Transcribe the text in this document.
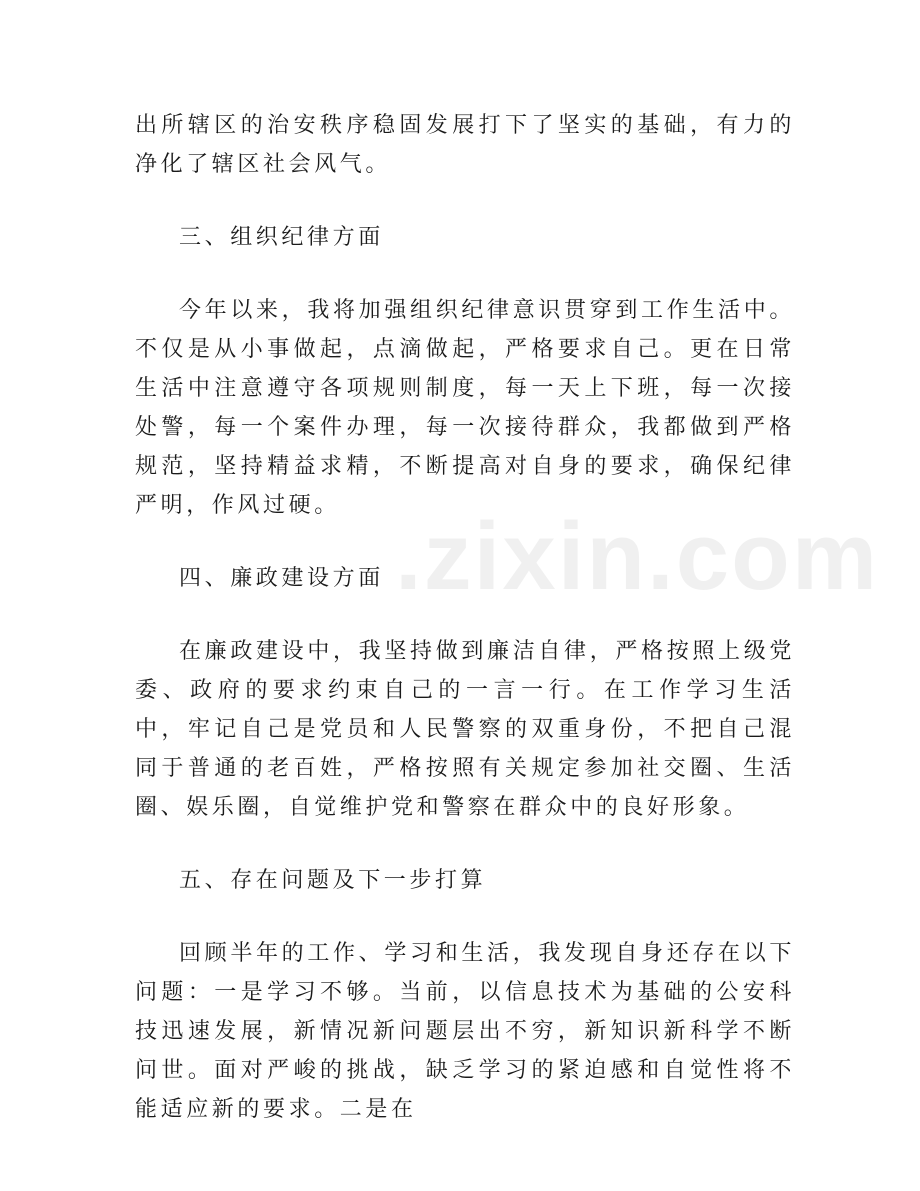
出所辖区的治安秩序稳固发展打下了坚实的基础，有力的净化了辖区社会风气。

三、组织纪律方面

今年以来，我将加强组织纪律意识贯穿到工作生活中。不仅是从小事做起，点滴做起，严格要求自己。更在日常生活中注意遵守各项规则制度，每一天上下班，每一次接处警，每一个案件办理，每一次接待群众，我都做到严格规范，坚持精益求精，不断提高对自身的要求，确保纪律严明，作风过硬。

四、廉政建设方面

在廉政建设中，我坚持做到廉洁自律，严格按照上级党委、政府的要求约束自己的一言一行。在工作学习生活中，牢记自己是党员和人民警察的双重身份，不把自己混同于普通的老百姓，严格按照有关规定参加社交圈、生活圈、娱乐圈，自觉维护党和警察在群众中的良好形象。

五、存在问题及下一步打算

回顾半年的工作、学习和生活，我发现自身还存在以下问题：一是学习不够。当前，以信息技术为基础的公安科技迅速发展，新情况新问题层出不穷，新知识新科学不断问世。面对严峻的挑战，缺乏学习的紧迫感和自觉性将不能适应新的要求。二是在

.zixin.com
